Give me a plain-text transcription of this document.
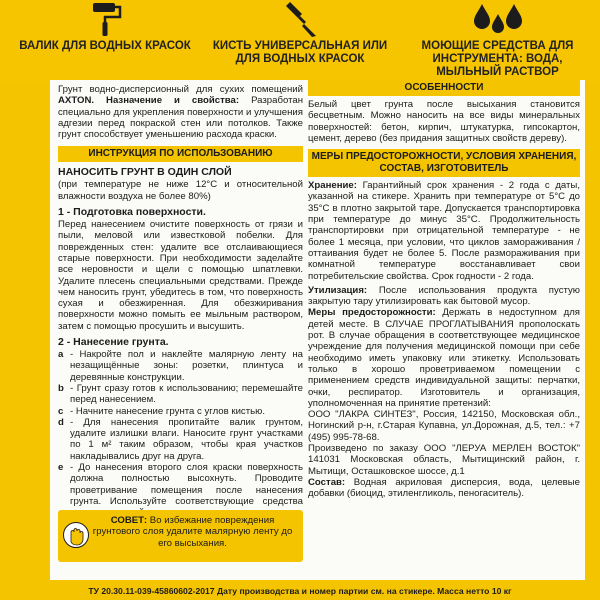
ВАЛИК ДЛЯ ВОДНЫХ КРАСОК	КИСТЬ УНИВЕРСАЛЬНАЯ ИЛИ ДЛЯ ВОДНЫХ КРАСОК
МОЮЩИЕ СРЕДСТВА ДЛЯ ИНСТРУМЕНТА: ВОДА, МЫЛЬНЫЙ РАСТВОР

Грунт водно-дисперсионный для сухих помещений AXTON. Назначение и свойства: Разработан специально для укрепления поверхности и улучшения адгезии перед покраской стен или потолков. Также грунт способствует уменьшению расхода краски.

ИНСТРУКЦИЯ ПО ИСПОЛЬЗОВАНИЮ
НАНОСИТЬ ГРУНТ В ОДИН СЛОЙ

(при температуре не ниже 12°С и относительной влажности воздуха не более 80%)

1 - Подготовка поверхности.

Перед нанесением очистите поверхность от грязи и пыли, меловой или известковой побелки. Для поврежденных стен: удалите все отслаивающиеся старые поверхности. При необходимости заделайте все неровности и щели с помощью шпатлевки. Удалите плесень специальными средствами. Прежде чем наносить грунт, убедитесь в том, что поверхность сухая и обезжиренная. Для обезжиривания поверхности можно помыть ее мыльным раствором, затем с помощью просушить и высушить.

2 - Нанесение грунта.
a - Накройте пол и наклейте малярную ленту на незащищённые зоны: розетки, плинтуса и деревянные конструкции.
b - Грунт сразу готов к использованию; перемешайте перед нанесением.
c - Начните нанесение грунта с углов кистью.
d - Для нанесения пропитайте валик грунтом, удалите излишки влаги. Наносите грунт участками по 1 м² таким образом, чтобы края участков накладывались друг на друга.
e - До нанесения второго слоя краски поверхность должна полностью высохнуть. Проводите проветривание помещения после нанесения грунта. Используйте соответствующие средства

СОВЕТ: Во избежание повреждения грунтового слоя удалите малярную ленту до его высыхания.

ОСОБЕННОСТИ

Белый цвет грунта после высыхания становится бесцветным. Можно наносить на все виды минеральных поверхностей: бетон, кирпич, штукатурка, гипсокартон, цемент, дерево (без придания защитных свойств дереву).

МЕРЫ ПРЕДОСТОРОЖНОСТИ, УСЛОВИЯ ХРАНЕНИЯ, СОСТАВ, ИЗГОТОВИТЕЛЬ

Хранение: Гарантийный срок хранения - 2 года с даты, указанной на стикере. Хранить при температуре от 5°С до 35°С в плотно закрытой таре. Допускается транспортировка при температуре до минус 35°С. Продолжительность транспортировки при отрицательной температуре - не более 1 месяца, при условии, что циклов замораживания / оттаивания будет не более 5. После размораживания при комнатной температуре восстанавливает свои потребительские свойства. Срок годности - 2 года.

Утилизация: После использования продукта пустую закрытую тару утилизировать как бытовой мусор.

Меры предосторожности: Держать в недоступном для детей месте. В СЛУЧАЕ ПРОГЛАТЫВАНИЯ прополоскать рот. В случае обращения в соответствующее медицинское учреждение для получения медицинской помощи при себе необходимо иметь упаковку или этикетку. Использовать только в хорошо проветриваемом помещении с применением средств индивидуальной защиты: перчатки, очки, респиратор. Изготовитель и организация, уполномоченная на принятие претензий:

ООО "ЛАКРА СИНТЕЗ", Россия, 142150, Московская обл., Ногинский р-н, г.Старая Купавна, ул.Дорожная, д.5, тел.: +7 (495) 995-78-68.

Произведено по заказу ООО "ЛЕРУА МЕРЛЕН ВОСТОК" 141031 Московская область, Мытищинский район, г. Мытищи, Осташковское шоссе, д.1

Состав: Водная акриловая дисперсия, вода, целевые добавки (биоцид, этиленгликоль, пеногаситель).

ТУ 20.30.11-039-45860602-2017 Дату производства и номер партии см. на стикере. Масса нетто 10 кг
